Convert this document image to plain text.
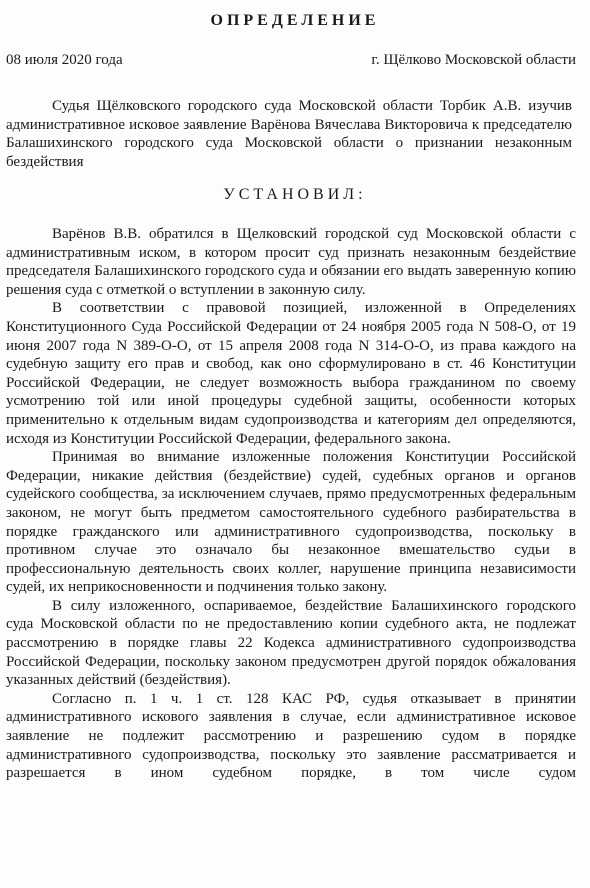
ОПРЕДЕЛЕНИЕ
08 июля 2020 года	г. Щёлково Московской области
Судья Щёлковского городского суда Московской области Торбик А.В. изучив административное исковое заявление Варёнова Вячеслава Викторовича к председателю Балашихинского городского суда Московской области о признании незаконным бездействия
УСТАНОВИЛ:

Варёнов В.В. обратился в Щелковский городской суд Московской области с административным иском, в котором просит суд признать незаконным бездействие председателя Балашихинского городского суда и обязании его выдать заверенную копию решения суда с отметкой о вступлении в законную силу.

В соответствии с правовой позицией, изложенной в Определениях Конституционного Суда Российской Федерации от 24 ноября 2005 года N 508-О, от 19 июня 2007 года N 389-О-О, от 15 апреля 2008 года N 314-О-О, из права каждого на судебную защиту его прав и свобод, как оно сформулировано в ст. 46 Конституции Российской Федерации, не следует возможность выбора гражданином по своему усмотрению той или иной процедуры судебной защиты, особенности которых применительно к отдельным видам судопроизводства и категориям дел определяются, исходя из Конституции Российской Федерации, федерального закона.

Принимая во внимание изложенные положения Конституции Российской Федерации, никакие действия (бездействие) судей, судебных органов и органов судейского сообщества, за исключением случаев, прямо предусмотренных федеральным законом, не могут быть предметом самостоятельного судебного разбирательства в порядке гражданского или административного судопроизводства, поскольку в противном случае это означало бы незаконное вмешательство судьи в профессиональную деятельность своих коллег, нарушение принципа независимости судей, их неприкосновенности и подчинения только закону.

В силу изложенного, оспариваемое, бездействие Балашихинского городского суда Московской области по не предоставлению копии судебного акта, не подлежат рассмотрению в порядке главы 22 Кодекса административного судопроизводства Российской Федерации, поскольку законом предусмотрен другой порядок обжалования указанных действий (бездействия).

Согласно п. 1 ч. 1 ст. 128 КАС РФ, судья отказывает в принятии административного искового заявления в случае, если административное исковое заявление не подлежит рассмотрению и разрешению судом в порядке административного судопроизводства, поскольку это заявление рассматривается и разрешается в ином судебном порядке, в том числе судом
